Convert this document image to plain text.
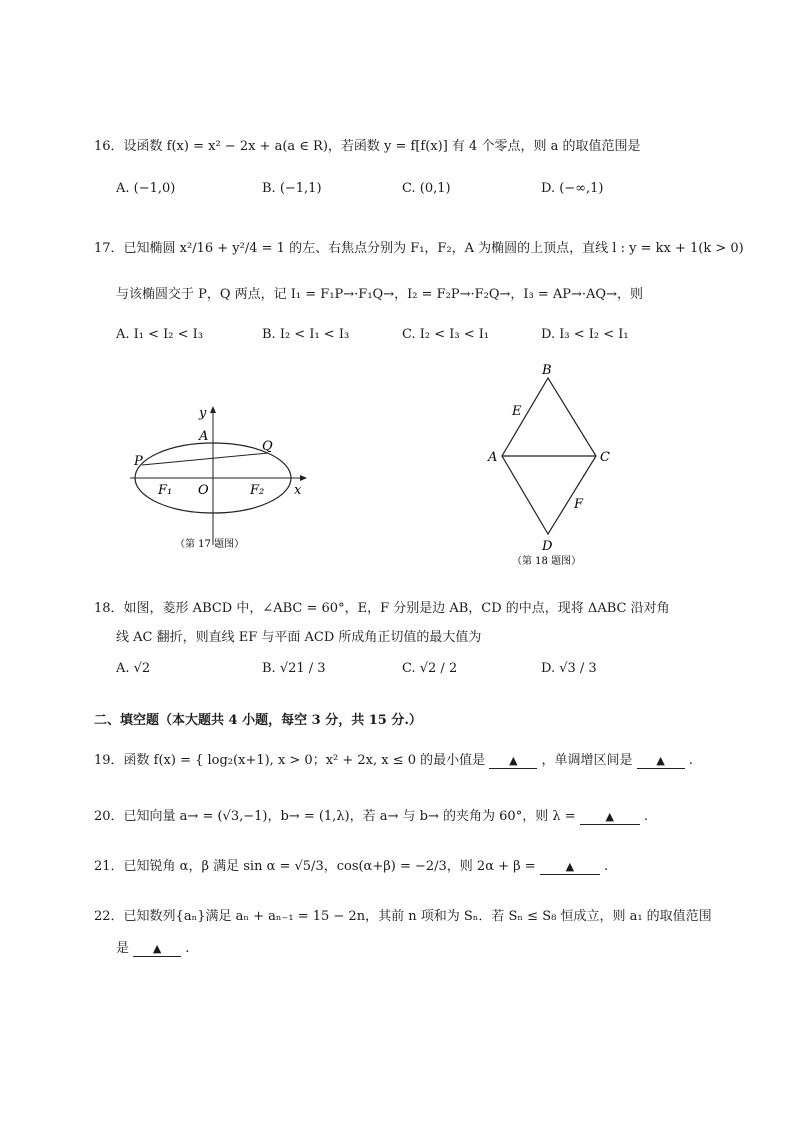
16．设函数 f(x) = x² − 2x + a(a ∈ R)，若函数 y = f[f(x)] 有 4 个零点，则 a 的取值范围是
A. (−1,0)	B. (−1,1)	C. (0,1)	D. (−∞,1)
17．已知椭圆 x²/16 + y²/4 = 1 的左、右焦点分别为 F₁，F₂，A 为椭圆的上顶点，直线 l : y = kx + 1(k > 0)
与该椭圆交于 P，Q 两点，记 I₁ = F₁P→·F₁Q→，I₂ = F₂P→·F₂Q→，I₃ = AP→·AQ→，则
A. I₁ < I₂ < I₃	B. I₂ < I₁ < I₃	C. I₂ < I₃ < I₁	D. I₃ < I₂ < I₁
y
A
Q
P
F₁ O	F₂ x
（第 17 题图）
B
E
A	C
F
D
（第 18 题图）
18．如图，菱形 ABCD 中，∠ABC = 60°，E，F 分别是边 AB，CD 的中点，现将 ΔABC 沿对角
线 AC 翻折，则直线 EF 与平面 ACD 所成角正切值的最大值为
A. √2	B. √21 / 3	C. √2 / 2	D. √3 / 3
二、填空题（本大题共 4 小题，每空 3 分，共 15 分.）
19．函数 f(x) = { log₂(x+1), x > 0；x² + 2x, x ≤ 0 的最小值是 ▲ ，单调增区间是 ▲ .
20．已知向量 a→ = (√3,−1)，b→ = (1,λ)，若 a→ 与 b→ 的夹角为 60°，则 λ =	▲ .
21．已知锐角 α，β 满足 sin α = √5/3，cos(α+β) = −2/3，则 2α + β =	▲ .
22．已知数列{aₙ}满足 aₙ + aₙ₋₁ = 15 − 2n，其前 n 项和为 Sₙ．若 Sₙ ≤ S₈ 恒成立，则 a₁ 的取值范围
是 ▲ .
